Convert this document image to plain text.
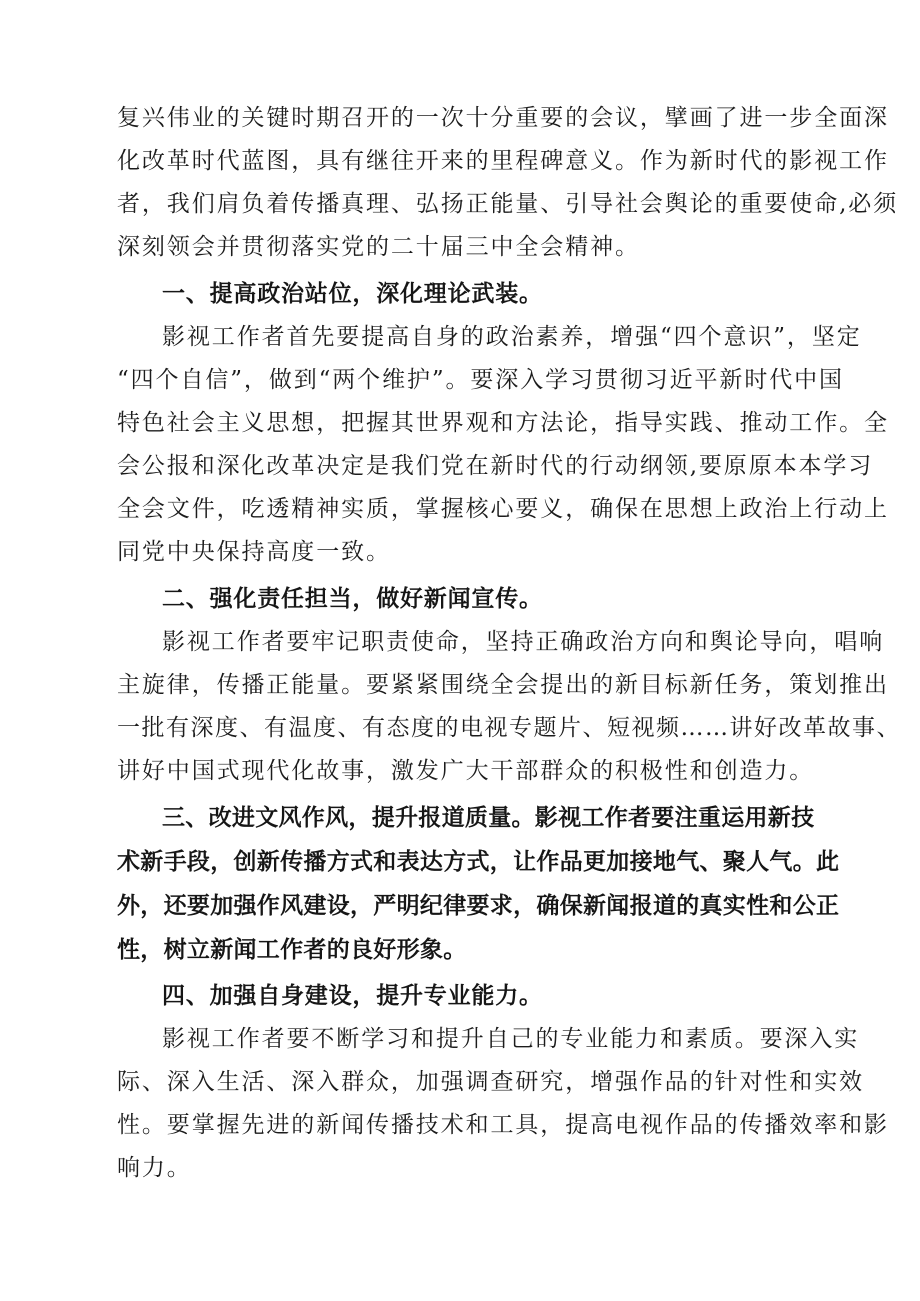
复兴伟业的关键时期召开的一次十分重要的会议，擘画了进一步全面深
化改革时代蓝图，具有继往开来的里程碑意义。作为新时代的影视工作
者，我们肩负着传播真理、弘扬正能量、引导社会舆论的重要使命,必须
深刻领会并贯彻落实党的二十届三中全会精神。
一、提高政治站位，深化理论武装。
影视工作者首先要提高自身的政治素养，增强“四个意识”，坚定
“四个自信”，做到“两个维护”。要深入学习贯彻习近平新时代中国
特色社会主义思想，把握其世界观和方法论，指导实践、推动工作。全
会公报和深化改革决定是我们党在新时代的行动纲领,要原原本本学习
全会文件，吃透精神实质，掌握核心要义，确保在思想上政治上行动上
同党中央保持高度一致。
二、强化责任担当，做好新闻宣传。
影视工作者要牢记职责使命，坚持正确政治方向和舆论导向，唱响
主旋律，传播正能量。要紧紧围绕全会提出的新目标新任务，策划推出
一批有深度、有温度、有态度的电视专题片、短视频……讲好改革故事、
讲好中国式现代化故事，激发广大干部群众的积极性和创造力。
三、改进文风作风，提升报道质量。影视工作者要注重运用新技
术新手段，创新传播方式和表达方式，让作品更加接地气、聚人气。此
外，还要加强作风建设，严明纪律要求，确保新闻报道的真实性和公正
性，树立新闻工作者的良好形象。
四、加强自身建设，提升专业能力。
影视工作者要不断学习和提升自己的专业能力和素质。要深入实
际、深入生活、深入群众，加强调查研究，增强作品的针对性和实效
性。要掌握先进的新闻传播技术和工具，提高电视作品的传播效率和影
响力。
